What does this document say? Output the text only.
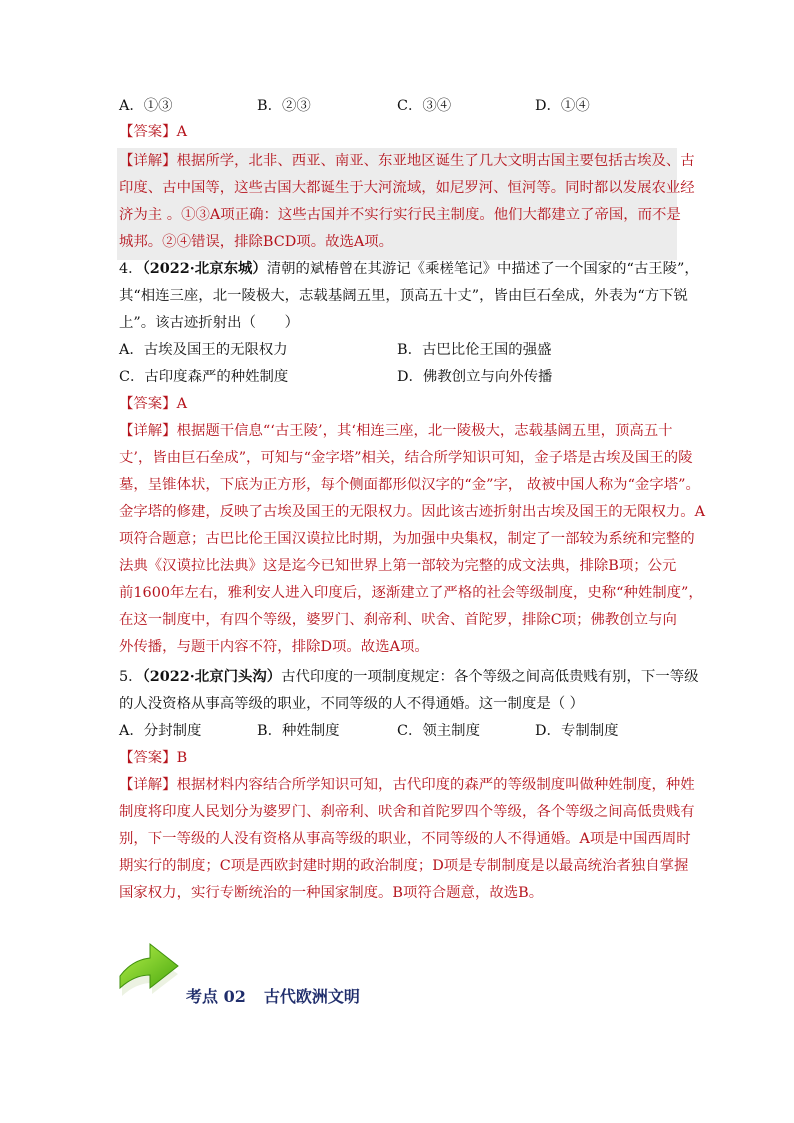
A．①③	B．②③	C．③④	D．①④
【答案】A
【详解】根据所学，北非、西亚、南亚、东亚地区诞生了几大文明古国主要包括古埃及、古
印度、古中国等，这些古国大都诞生于大河流域，如尼罗河、恒河等。同时都以发展农业经
济为主 。①③A项正确：这些古国并不实行实行民主制度。他们大都建立了帝国，而不是
城邦。②④错误，排除BCD项。故选A项。
4．（2022·北京东城）清朝的斌椿曾在其游记《乘槎笔记》中描述了一个国家的“古王陵”，
其“相连三座，北一陵极大，志载基阔五里，顶高五十丈”，皆由巨石垒成，外表为“方下锐
上”。该古迹折射出（　　）
A．古埃及国王的无限权力	B．古巴比伦王国的强盛
C．古印度森严的种姓制度	D．佛教创立与向外传播
【答案】A
【详解】根据题干信息“‘古王陵’，其‘相连三座，北一陵极大，志载基阔五里，顶高五十
丈’，皆由巨石垒成”，可知与“金字塔”相关，结合所学知识可知，金子塔是古埃及国王的陵
墓，呈锥体状，下底为正方形，每个侧面都形似汉字的“金”字， 故被中国人称为“金字塔”。
金字塔的修建，反映了古埃及国王的无限权力。因此该古迹折射出古埃及国王的无限权力。A
项符合题意；古巴比伦王国汉谟拉比时期，为加强中央集权，制定了一部较为系统和完整的
法典《汉谟拉比法典》这是迄今已知世界上第一部较为完整的成文法典，排除B项；公元
前1600年左右，雅利安人进入印度后，逐渐建立了严格的社会等级制度，史称“种姓制度”，
在这一制度中，有四个等级，婆罗门、刹帝利、吠舍、首陀罗，排除C项；佛教创立与向
外传播，与题干内容不符，排除D项。故选A项。
5．（2022·北京门头沟）古代印度的一项制度规定：各个等级之间高低贵贱有别，下一等级
的人没资格从事高等级的职业，不同等级的人不得通婚。这一制度是（ ）
A．分封制度	B．种姓制度	C．领主制度	D．专制制度
【答案】B
【详解】根据材料内容结合所学知识可知，古代印度的森严的等级制度叫做种姓制度，种姓
制度将印度人民划分为婆罗门、刹帝利、吠舍和首陀罗四个等级，各个等级之间高低贵贱有
别，下一等级的人没有资格从事高等级的职业，不同等级的人不得通婚。A项是中国西周时
期实行的制度；C项是西欧封建时期的政治制度；D项是专制制度是以最高统治者独自掌握
国家权力，实行专断统治的一种国家制度。B项符合题意，故选B。
考点 02 古代欧洲文明
